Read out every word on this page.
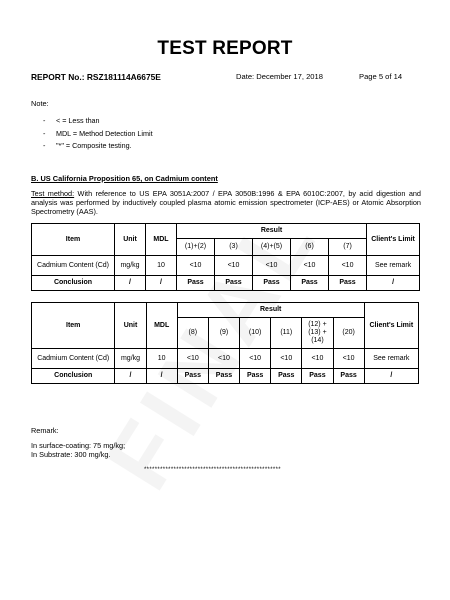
TEST REPORT
REPORT No.: RSZ181114A6675E	Date: December 17, 2018	Page 5 of 14
Note:
- < = Less than
- MDL = Method Detection Limit
- "*" = Composite testing.
B. US California Proposition 65, on Cadmium content

Test method: With reference to US EPA 3051A:2007 / EPA 3050B:1996 & EPA 6010C:2007, by acid digestion and analysis was performed by inductively coupled plasma atomic emission spectrometer (ICP-AES) or Atomic Absorption Spectrometry (AAS).

Item	Unit	MDL	Result					Client's Limit
			(1)+(2)	(3)	(4)+(5)	(6)	(7)	
Cadmium Content (Cd)	mg/kg	10	<10	<10	<10	<10	<10	See remark
Conclusion	/	/	Pass	Pass	Pass	Pass	Pass	/
Item	Unit	MDL	Result						Client's Limit
			(8)	(9)	(10)	(11)	(12) +(13) +(14)	(20)	
Cadmium Content (Cd)	mg/kg	10	<10	<10	<10	<10	<10	<10	See remark
Conclusion	/	/	Pass	Pass	Pass	Pass	Pass	Pass	/
Remark:
In surface-coating: 75 mg/kg;
In Substrate: 300 mg/kg.
***************************************************
